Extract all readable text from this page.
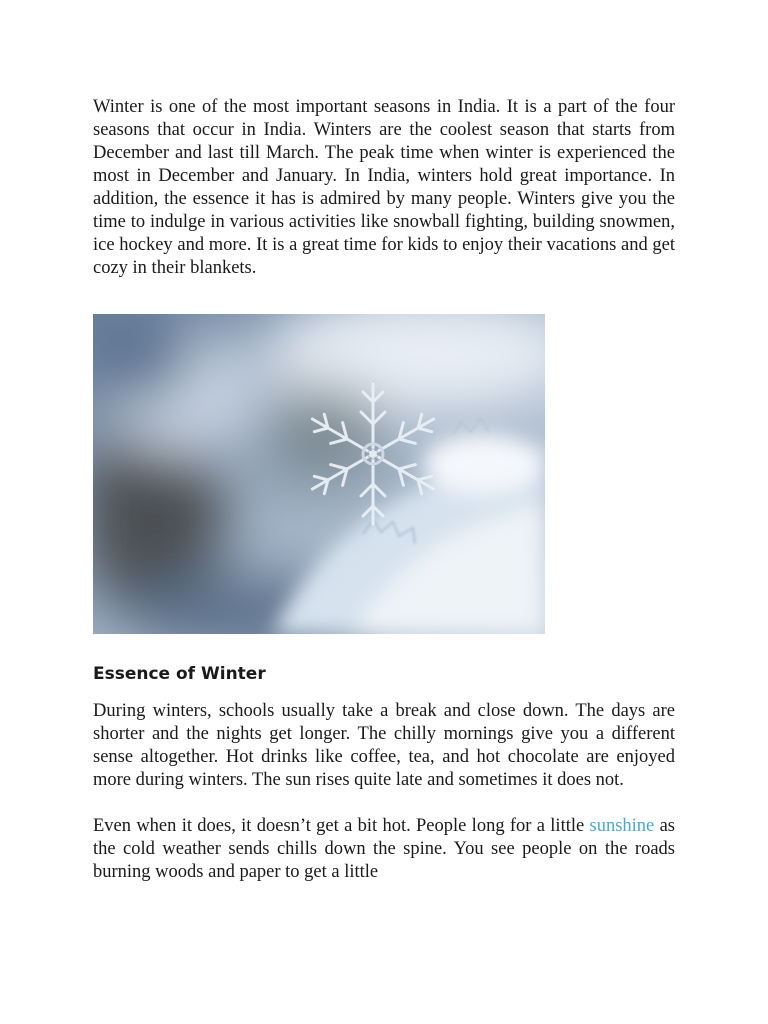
Winter is one of the most important seasons in India. It is a part of the four seasons that occur in India. Winters are the coolest season that starts from December and last till March. The peak time when winter is experienced the most in December and January. In India, winters hold great importance. In addition, the essence it has is admired by many people. Winters give you the time to indulge in various activities like snowball fighting, building snowmen, ice hockey and more. It is a great time for kids to enjoy their vacations and get cozy in their blankets.

Essence of Winter

During winters, schools usually take a break and close down. The days are shorter and the nights get longer. The chilly mornings give you a different sense altogether. Hot drinks like coffee, tea, and hot chocolate are enjoyed more during winters. The sun rises quite late and sometimes it does not.

Even when it does, it doesn’t get a bit hot. People long for a little sunshine as the cold weather sends chills down the spine. You see people on the roads burning woods and paper to get a little
